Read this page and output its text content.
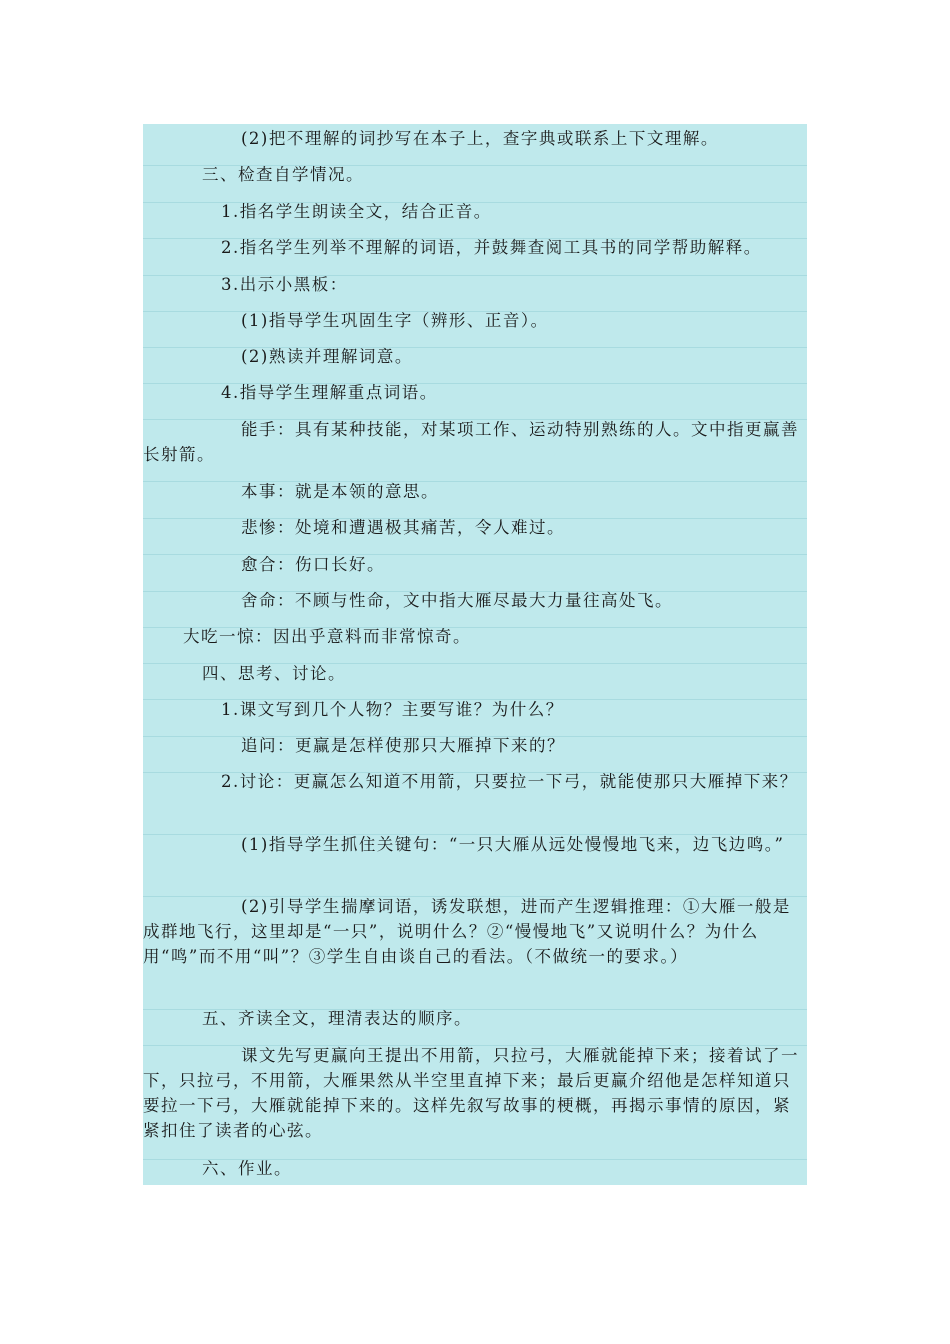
(2)把不理解的词抄写在本子上，查字典或联系上下文理解。

三、检查自学情况。

1.指名学生朗读全文，结合正音。

2.指名学生列举不理解的词语，并鼓舞查阅工具书的同学帮助解释。

3.出示小黑板：

(1)指导学生巩固生字（辨形、正音）。

(2)熟读并理解词意。

4.指导学生理解重点词语。

能手：具有某种技能，对某项工作、运动特别熟练的人。文中指更赢善长射箭。

本事：就是本领的意思。

悲惨：处境和遭遇极其痛苦，令人难过。

愈合：伤口长好。

舍命：不顾与性命，文中指大雁尽最大力量往高处飞。

大吃一惊：因出乎意料而非常惊奇。

四、思考、讨论。

1.课文写到几个人物？主要写谁？为什么？

追问：更赢是怎样使那只大雁掉下来的？

2.讨论：更赢怎么知道不用箭，只要拉一下弓，就能使那只大雁掉下来？

(1)指导学生抓住关键句：“一只大雁从远处慢慢地飞来，边飞边鸣。”

(2)引导学生揣摩词语，诱发联想，进而产生逻辑推理：①大雁一般是成群地飞行，这里却是“一只”，说明什么？②“慢慢地飞”又说明什么？为什么用“鸣”而不用“叫”？③学生自由谈自己的看法。（不做统一的要求。）

五、齐读全文，理清表达的顺序。

课文先写更赢向王提出不用箭，只拉弓，大雁就能掉下来；接着试了一下，只拉弓，不用箭，大雁果然从半空里直掉下来；最后更赢介绍他是怎样知道只要拉一下弓，大雁就能掉下来的。这样先叙写故事的梗概，再揭示事情的原因，紧紧扣住了读者的心弦。

六、作业。
